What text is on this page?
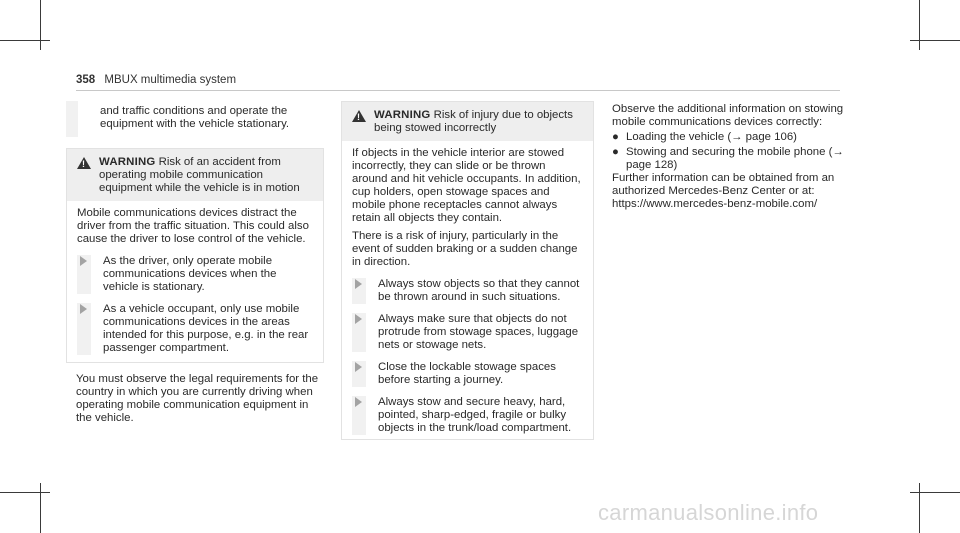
358 MBUX multimedia system
and traffic conditions and operate the equipment with the vehicle stationary.
!
WARNING Risk of an accident from operating mobile communication equipment while the vehicle is in motion

Mobile communications devices distract the driver from the traffic situation. This could also cause the driver to lose control of the vehicle.

As the driver, only operate mobile communications devices when the vehicle is stationary.
As a vehicle occupant, only use mobile communications devices in the areas intended for this purpose, e.g. in the rear passenger compartment.
You must observe the legal requirements for the country in which you are currently driving when operating mobile communication equipment in the vehicle.
!
WARNING Risk of injury due to objects being stowed incorrectly

If objects in the vehicle interior are stowed incorrectly, they can slide or be thrown around and hit vehicle occupants. In addition, cup holders, open stowage spaces and mobile phone receptacles cannot always retain all objects they contain.

There is a risk of injury, particularly in the event of sudden braking or a sudden change in direction.

Always stow objects so that they cannot be thrown around in such situations.
Always make sure that objects do not protrude from stowage spaces, luggage nets or stowage nets.
Close the lockable stowage spaces before starting a journey.
Always stow and secure heavy, hard, pointed, sharp-edged, fragile or bulky objects in the trunk/load compartment.
Observe the additional information on stowing mobile communications devices correctly:
● Loading the vehicle (→ page 106)
● Stowing and securing the mobile phone (→ page 128)
Further information can be obtained from an authorized Mercedes-Benz Center or at:
https://www.mercedes-benz-mobile.com/
carmanualsonline.info
